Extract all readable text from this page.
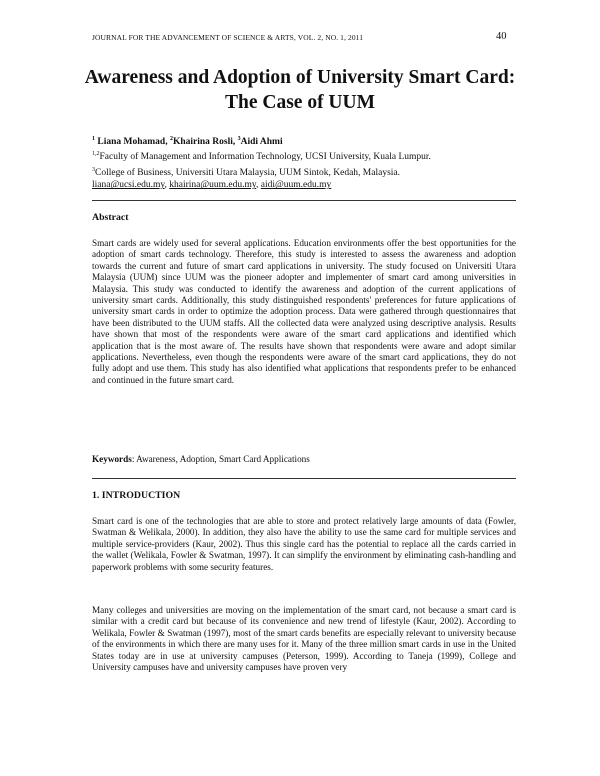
JOURNAL FOR THE ADVANCEMENT OF SCIENCE & ARTS, VOL. 2, NO. 1, 2011	40
Awareness and Adoption of University Smart Card: The Case of UUM
$^1$ Liana Mohamad, $^2$Khairina Rosli, $^3$Aidi Ahmi
$^{1,2}$Faculty of Management and Information Technology, UCSI University, Kuala Lumpur.
$^3$College of Business, Universiti Utara Malaysia, UUM Sintok, Kedah, Malaysia.
liana@ucsi.edu.my, khairina@uum.edu.my, aidi@uum.edu.my
Abstract
Smart cards are widely used for several applications. Education environments offer the best opportunities for the adoption of smart cards technology. Therefore, this study is interested to assess the awareness and adoption towards the current and future of smart card applications in university. The study focused on Universiti Utara Malaysia (UUM) since UUM was the pioneer adopter and implementer of smart card among universities in Malaysia. This study was conducted to identify the awareness and adoption of the current applications of university smart cards. Additionally, this study distinguished respondents' preferences for future applications of university smart cards in order to optimize the adoption process. Data were gathered through questionnaires that have been distributed to the UUM staffs. All the collected data were analyzed using descriptive analysis. Results have shown that most of the respondents were aware of the smart card applications and identified which application that is the most aware of. The results have shown that respondents were aware and adopt similar applications. Nevertheless, even though the respondents were aware of the smart card applications, they do not fully adopt and use them. This study has also identified what applications that respondents prefer to be enhanced and continued in the future smart card.
Keywords: Awareness, Adoption, Smart Card Applications
1. INTRODUCTION
Smart card is one of the technologies that are able to store and protect relatively large amounts of data (Fowler, Swatman & Welikala, 2000). In addition, they also have the ability to use the same card for multiple services and multiple service-providers (Kaur, 2002). Thus this single card has the potential to replace all the cards carried in the wallet (Welikala, Fowler & Swatman, 1997). It can simplify the environment by eliminating cash-handling and paperwork problems with some security features.
Many colleges and universities are moving on the implementation of the smart card, not because a smart card is similar with a credit card but because of its convenience and new trend of lifestyle (Kaur, 2002). According to Welikala, Fowler & Swatman (1997), most of the smart cards benefits are especially relevant to university because of the environments in which there are many uses for it. Many of the three million smart cards in use in the United States today are in use at university campuses (Peterson, 1999). According to Taneja (1999), College and University campuses have and university campuses have proven very
